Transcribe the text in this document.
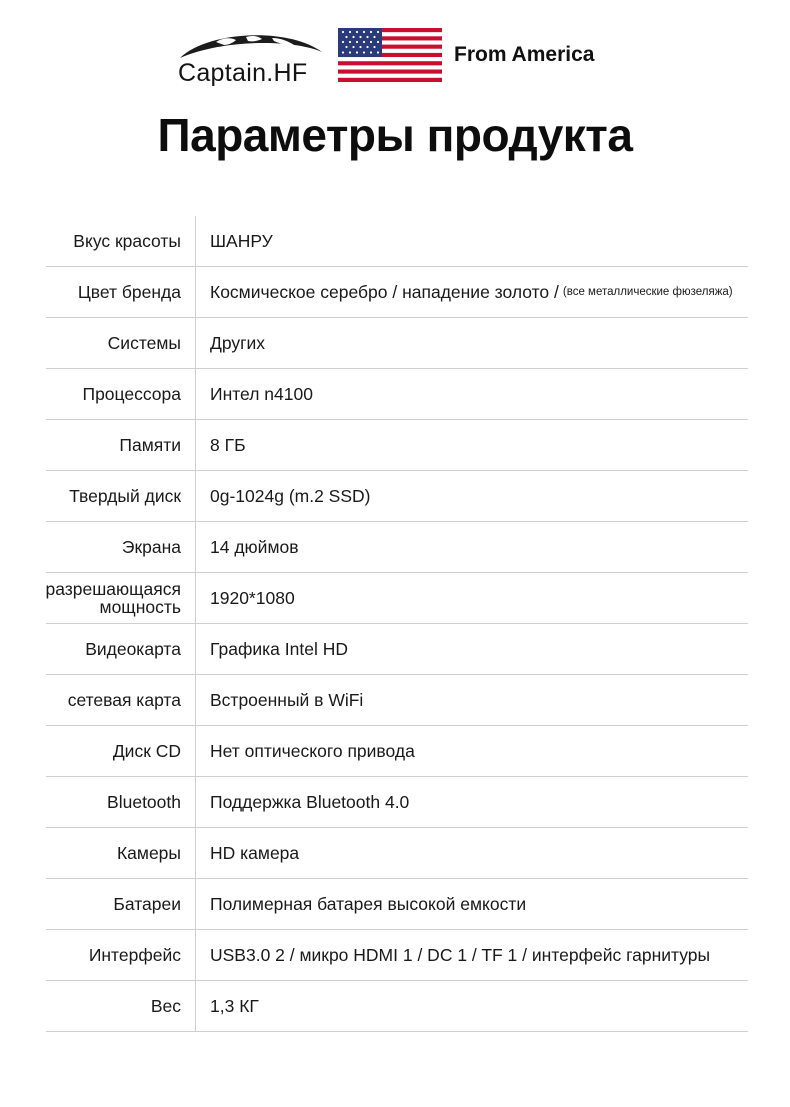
Captain.HF
From America
Параметры продукта
Вкус красоты ШАНРУ
Цвет бренда Космическое серебро / нападение золото / (все металлические фюзеляжа)
Системы Других
Процессора Интел n4100
Памяти 8 ГБ
Твердый диск 0g-1024g (m.2 SSD)
Экрана 14 дюймов
разрешающаяся мощность 1920*1080
Видеокарта Графика Intel HD
сетевая карта Встроенный в WiFi
Диск CD Нет оптического привода
Bluetooth Поддержка Bluetooth 4.0
Камеры HD камера
Батареи Полимерная батарея высокой емкости
Интерфейс USB3.0 2 / микро HDMI 1 / DC 1 / TF 1 / интерфейс гарнитуры
Вес 1,3 КГ
